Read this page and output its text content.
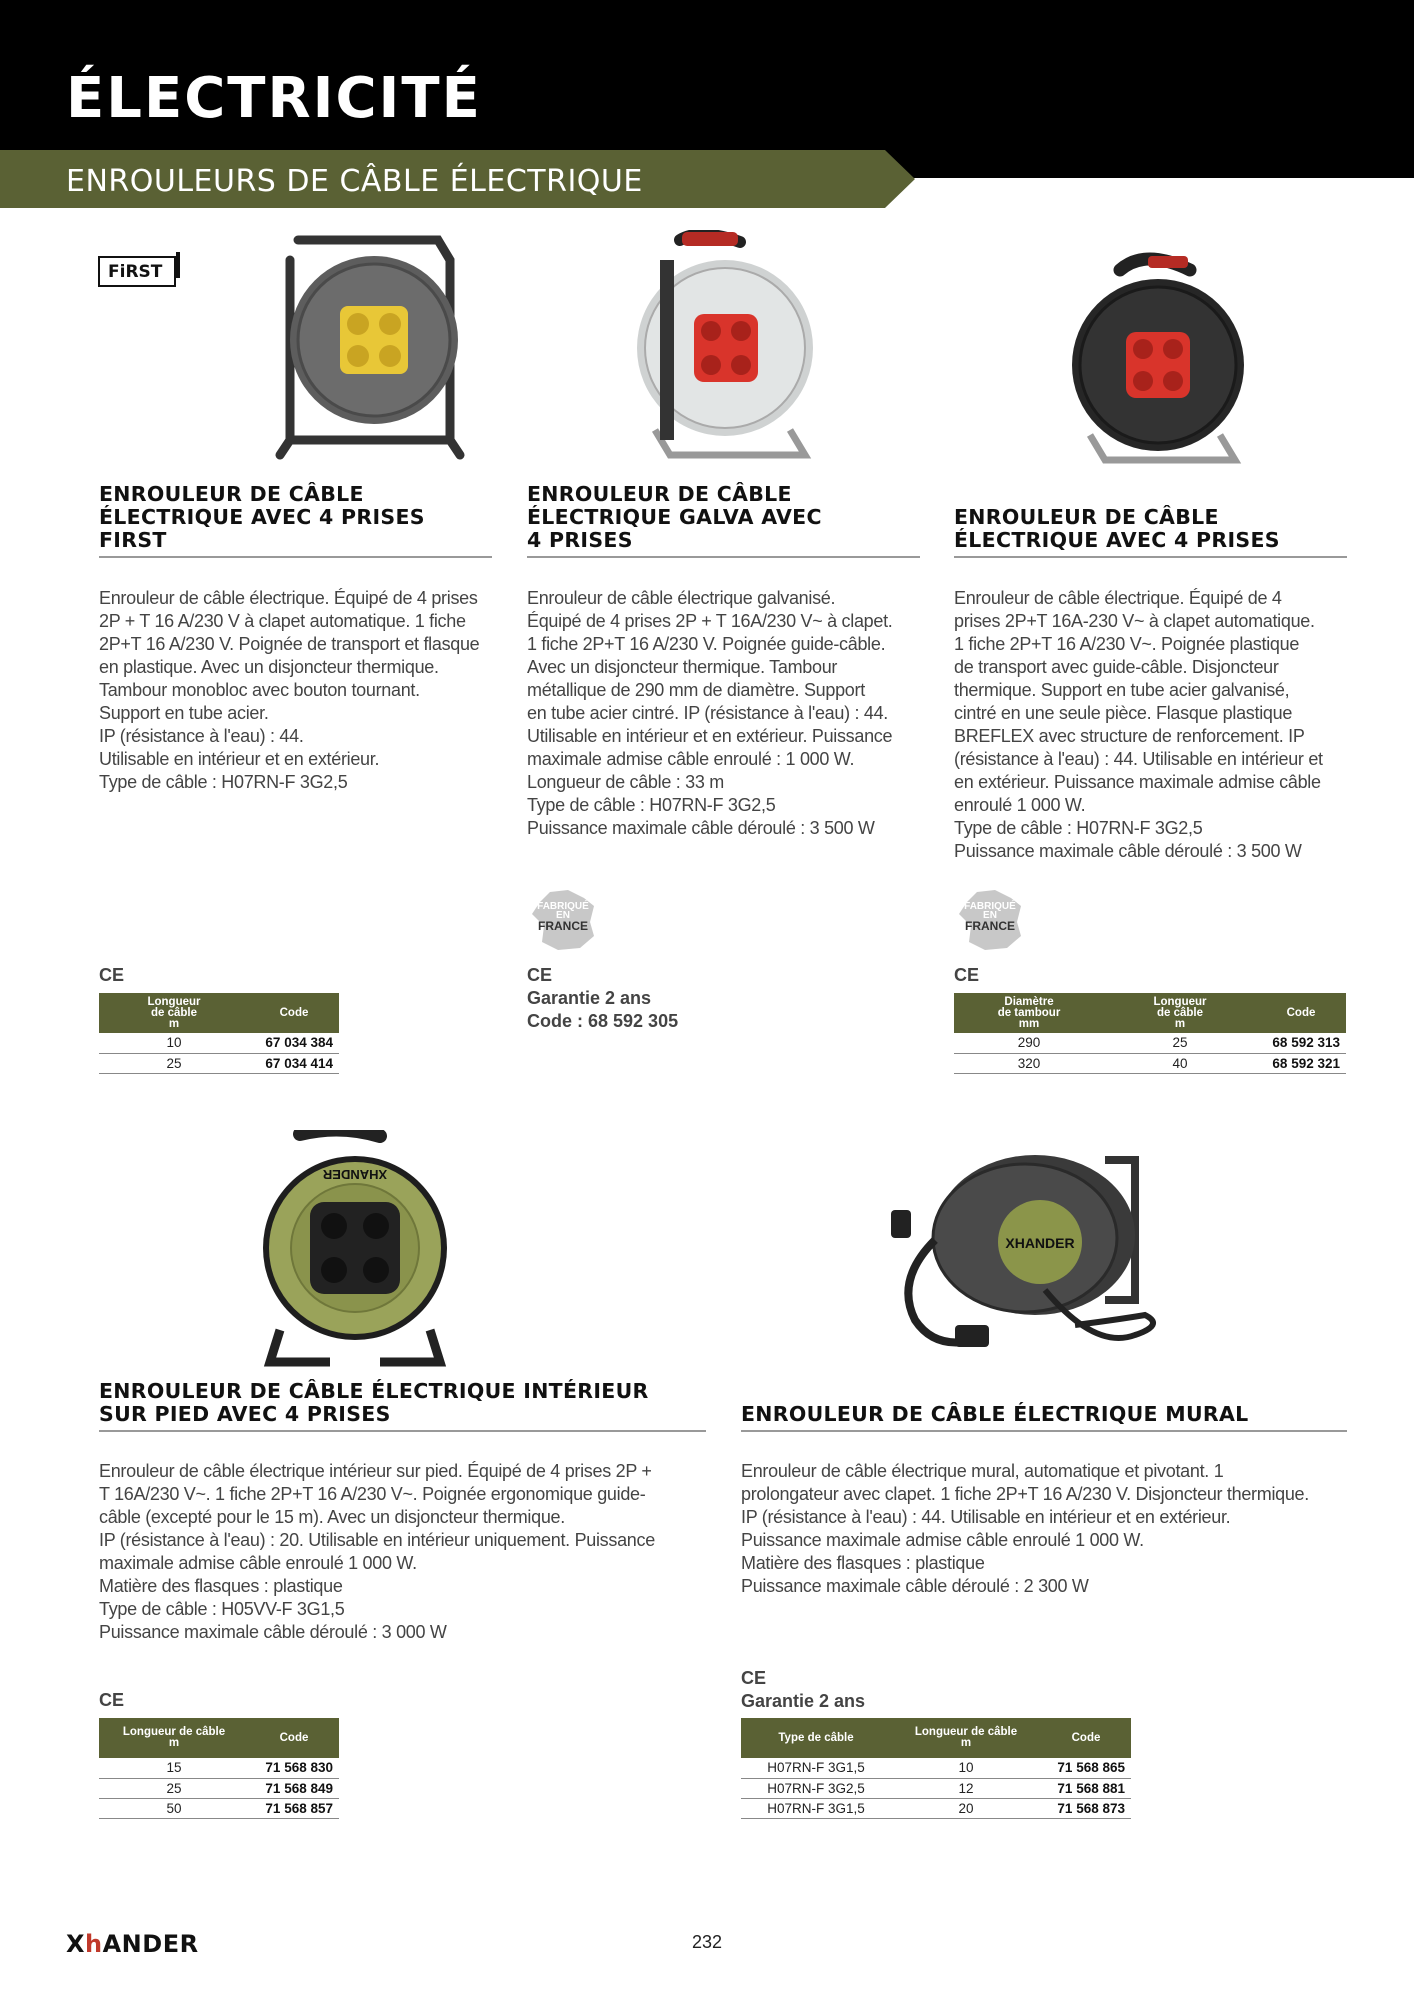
ÉLECTRICITÉ
ENROULEURS DE CÂBLE ÉLECTRIQUE
FiRST
XHANDER
XHANDER
ENROULEUR DE CÂBLE
ÉLECTRIQUE AVEC 4 PRISES
FIRST
Enrouleur de câble électrique. Équipé de 4 prises
2P + T 16 A/230 V à clapet automatique. 1 fiche
2P+T 16 A/230 V. Poignée de transport et flasque
en plastique. Avec un disjoncteur thermique.
Tambour monobloc avec bouton tournant.
Support en tube acier.
IP (résistance à l'eau) : 44.
Utilisable en intérieur et en extérieur.
Type de câble : H07RN-F 3G2,5
CE
Longueur
de câble
m	Code
10	67 034 384
25	67 034 414
ENROULEUR DE CÂBLE
ÉLECTRIQUE GALVA AVEC
4 PRISES
Enrouleur de câble électrique galvanisé.
Équipé de 4 prises 2P + T 16A/230 V~ à clapet.
1 fiche 2P+T 16 A/230 V. Poignée guide-câble.
Avec un disjoncteur thermique. Tambour
métallique de 290 mm de diamètre. Support
en tube acier cintré. IP (résistance à l'eau) : 44.
Utilisable en intérieur et en extérieur. Puissance
maximale admise câble enroulé : 1 000 W.
Longueur de câble : 33 m
Type de câble : H07RN-F 3G2,5
Puissance maximale câble déroulé : 3 500 W
FABRIQUÉ
EN
FRANCE
CE
Garantie 2 ans
Code : 68 592 305
ENROULEUR DE CÂBLE
ÉLECTRIQUE AVEC 4 PRISES
Enrouleur de câble électrique. Équipé de 4
prises 2P+T 16A-230 V~ à clapet automatique.
1 fiche 2P+T 16 A/230 V~. Poignée plastique
de transport avec guide-câble. Disjoncteur
thermique. Support en tube acier galvanisé,
cintré en une seule pièce. Flasque plastique
BREFLEX avec structure de renforcement. IP
(résistance à l'eau) : 44. Utilisable en intérieur et
en extérieur. Puissance maximale admise câble
enroulé 1 000 W.
Type de câble : H07RN-F 3G2,5
Puissance maximale câble déroulé : 3 500 W
FABRIQUÉ
EN
FRANCE
CE
Diamètre
de tambour
mm	Longueur
de câble
m	Code
290	25	68 592 313
320	40	68 592 321
ENROULEUR DE CÂBLE ÉLECTRIQUE INTÉRIEUR
SUR PIED AVEC 4 PRISES
Enrouleur de câble électrique intérieur sur pied. Équipé de 4 prises 2P +
T 16A/230 V~. 1 fiche 2P+T 16 A/230 V~. Poignée ergonomique guide-
câble (excepté pour le 15 m). Avec un disjoncteur thermique.
IP (résistance à l'eau) : 20. Utilisable en intérieur uniquement. Puissance
maximale admise câble enroulé 1 000 W.
Matière des flasques : plastique
Type de câble : H05VV-F 3G1,5
Puissance maximale câble déroulé : 3 000 W
CE
Longueur de câble
m	Code
15	71 568 830
25	71 568 849
50	71 568 857
ENROULEUR DE CÂBLE ÉLECTRIQUE MURAL
Enrouleur de câble électrique mural, automatique et pivotant. 1
prolongateur avec clapet. 1 fiche 2P+T 16 A/230 V. Disjoncteur thermique.
IP (résistance à l'eau) : 44. Utilisable en intérieur et en extérieur.
Puissance maximale admise câble enroulé 1 000 W.
Matière des flasques : plastique
Puissance maximale câble déroulé : 2 300 W
CE
Garantie 2 ans
Type de câble	Longueur de câble
m	Code
H07RN-F 3G1,5	10	71 568 865
H07RN-F 3G2,5	12	71 568 881
H07RN-F 3G1,5	20	71 568 873
XhANDER	232
